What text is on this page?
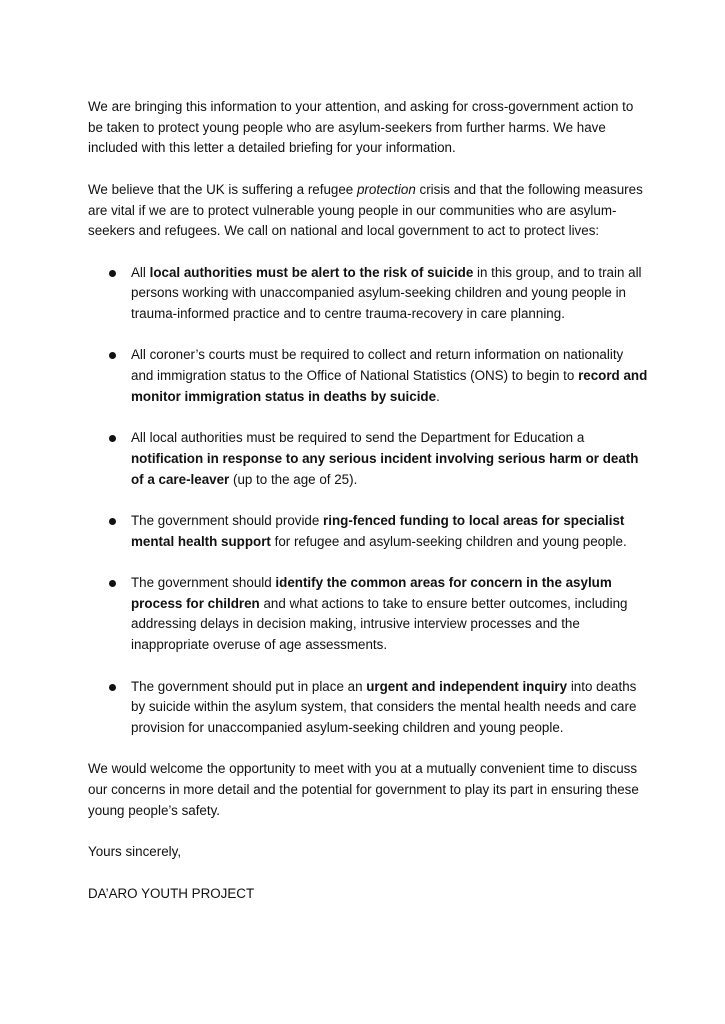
We are bringing this information to your attention, and asking for cross-government action to be taken to protect young people who are asylum-seekers from further harms. We have included with this letter a detailed briefing for your information.

We believe that the UK is suffering a refugee protection crisis and that the following measures are vital if we are to protect vulnerable young people in our communities who are asylum-seekers and refugees. We call on national and local government to act to protect lives:

All local authorities must be alert to the risk of suicide in this group, and to train all persons working with unaccompanied asylum-seeking children and young people in trauma-informed practice and to centre trauma-recovery in care planning.
All coroner’s courts must be required to collect and return information on nationality and immigration status to the Office of National Statistics (ONS) to begin to record and monitor immigration status in deaths by suicide.
All local authorities must be required to send the Department for Education a notification in response to any serious incident involving serious harm or death of a care-leaver (up to the age of 25).
The government should provide ring-fenced funding to local areas for specialist mental health support for refugee and asylum-seeking children and young people.
The government should identify the common areas for concern in the asylum process for children and what actions to take to ensure better outcomes, including addressing delays in decision making, intrusive interview processes and the inappropriate overuse of age assessments.
The government should put in place an urgent and independent inquiry into deaths by suicide within the asylum system, that considers the mental health needs and care provision for unaccompanied asylum-seeking children and young people.

We would welcome the opportunity to meet with you at a mutually convenient time to discuss our concerns in more detail and the potential for government to play its part in ensuring these young people’s safety.

Yours sincerely,

DA’ARO YOUTH PROJECT
